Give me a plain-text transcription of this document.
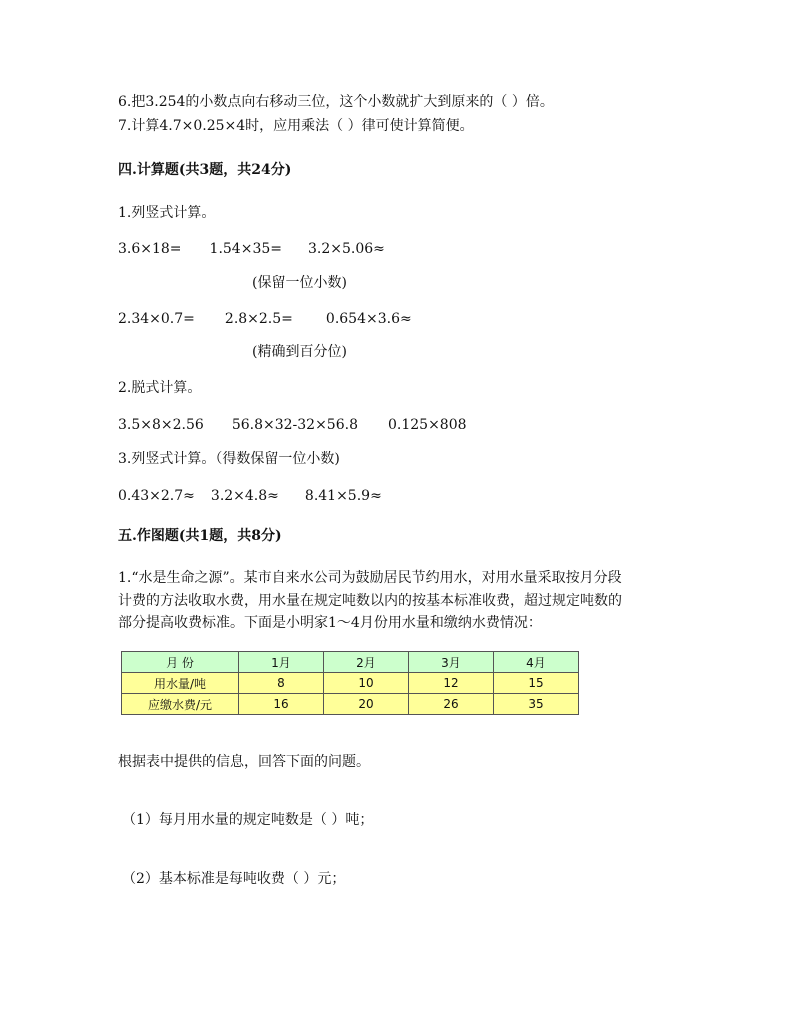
6.把3.254的小数点向右移动三位，这个小数就扩大到原来的（ ）倍。
7.计算4.7×0.25×4时，应用乘法（ ）律可使计算简便。
四.计算题(共3题，共24分)
1.列竖式计算。
3.6×18= 1.54×35= 3.2×5.06≈
(保留一位小数)
2.34×0.7= 2.8×2.5= 0.654×3.6≈
(精确到百分位)
2.脱式计算。
3.5×8×2.56 56.8×32-32×56.8 0.125×808
3.列竖式计算。（得数保留一位小数)
0.43×2.7≈ 3.2×4.8≈ 8.41×5.9≈
五.作图题(共1题，共8分)
1.“水是生命之源”。某市自来水公司为鼓励居民节约用水，对用水量采取按月分段
计费的方法收取水费，用水量在规定吨数以内的按基本标准收费，超过规定吨数的
部分提高收费标准。下面是小明家1～4月份用水量和缴纳水费情况：
月 份	1月	2月	3月	4月
用水量/吨	8	10	12	15
应缴水费/元	16	20	26	35
根据表中提供的信息，回答下面的问题。
（1）每月用水量的规定吨数是（ ）吨；
（2）基本标准是每吨收费（ ）元；
